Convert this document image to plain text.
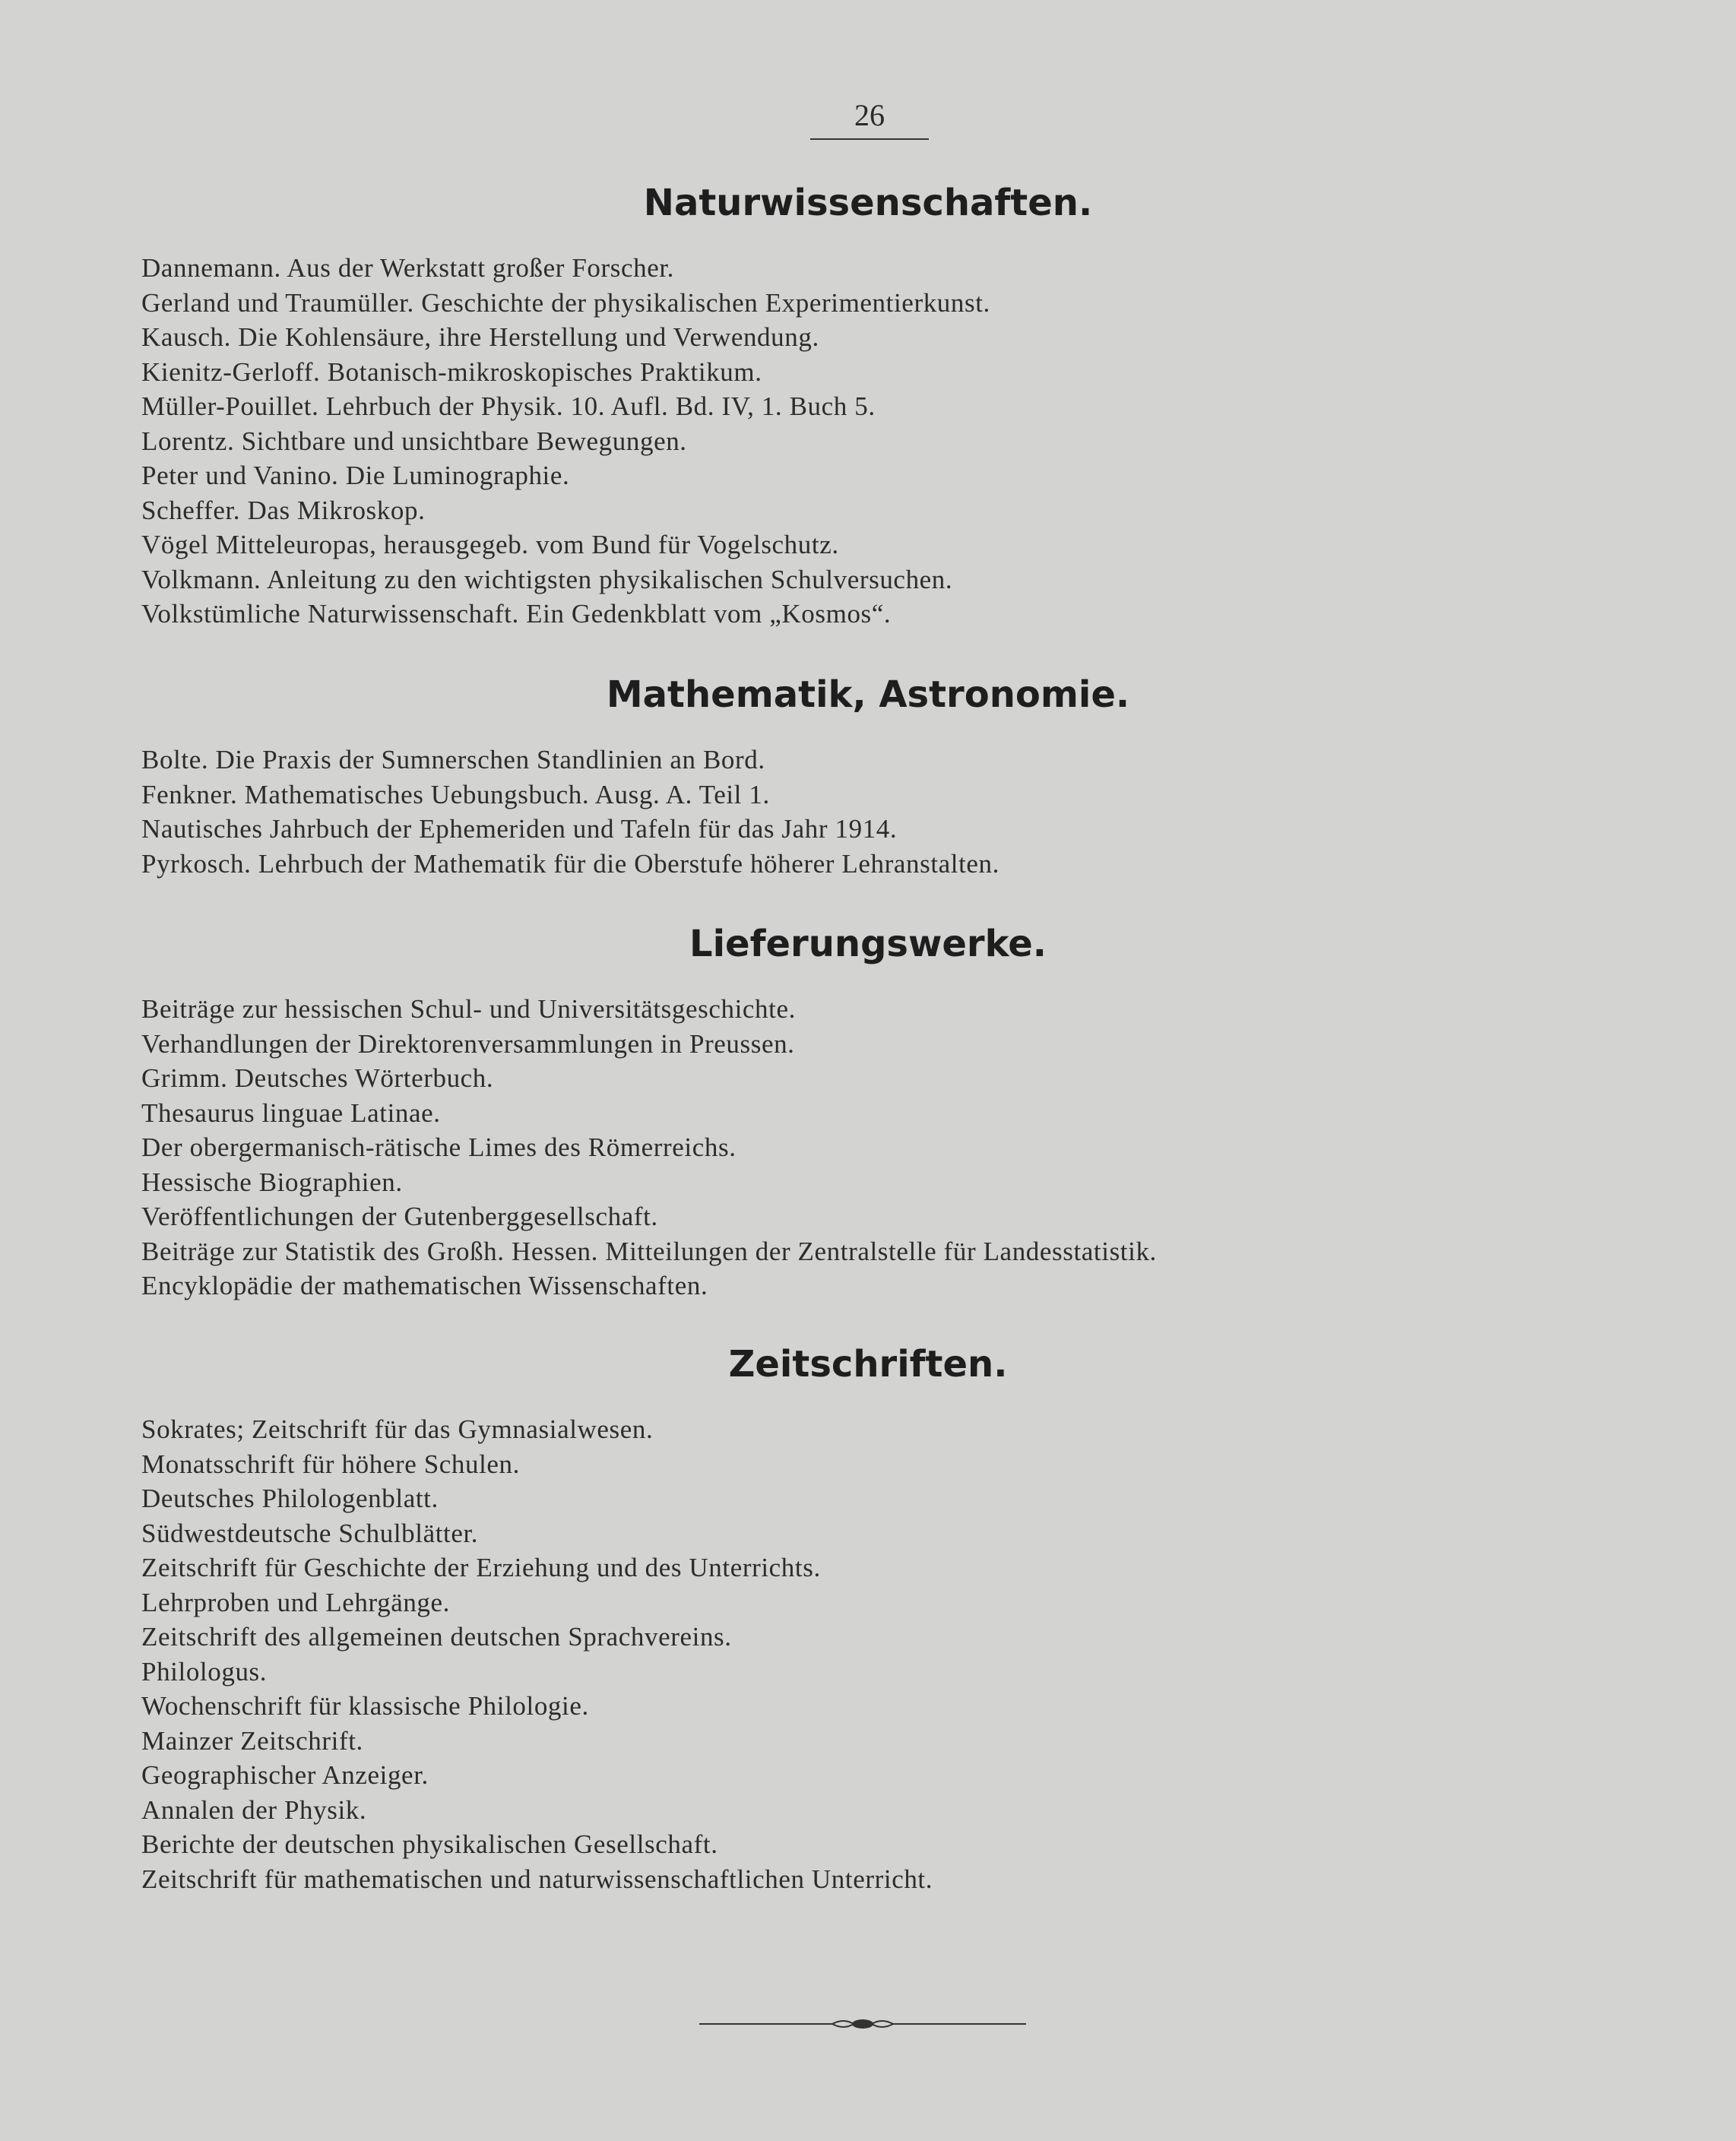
26
Naturwissenschaften.
Dannemann. Aus der Werkstatt großer Forscher.
Gerland und Traumüller. Geschichte der physikalischen Experimentierkunst.
Kausch. Die Kohlensäure, ihre Herstellung und Verwendung.
Kienitz-Gerloff. Botanisch-mikroskopisches Praktikum.
Müller-Pouillet. Lehrbuch der Physik. 10. Aufl. Bd. IV, 1. Buch 5.
Lorentz. Sichtbare und unsichtbare Bewegungen.
Peter und Vanino. Die Luminographie.
Scheffer. Das Mikroskop.
Vögel Mitteleuropas, herausgegeb. vom Bund für Vogelschutz.
Volkmann. Anleitung zu den wichtigsten physikalischen Schulversuchen.
Volkstümliche Naturwissenschaft. Ein Gedenkblatt vom „Kosmos“.
Mathematik, Astronomie.
Bolte. Die Praxis der Sumnerschen Standlinien an Bord.
Fenkner. Mathematisches Uebungsbuch. Ausg. A. Teil 1.
Nautisches Jahrbuch der Ephemeriden und Tafeln für das Jahr 1914.
Pyrkosch. Lehrbuch der Mathematik für die Oberstufe höherer Lehranstalten.
Lieferungswerke.
Beiträge zur hessischen Schul- und Universitätsgeschichte.
Verhandlungen der Direktorenversammlungen in Preussen.
Grimm. Deutsches Wörterbuch.
Thesaurus linguae Latinae.
Der obergermanisch-rätische Limes des Römerreichs.
Hessische Biographien.
Veröffentlichungen der Gutenberggesellschaft.
Beiträge zur Statistik des Großh. Hessen. Mitteilungen der Zentralstelle für Landesstatistik.
Encyklopädie der mathematischen Wissenschaften.
Zeitschriften.
Sokrates; Zeitschrift für das Gymnasialwesen.
Monatsschrift für höhere Schulen.
Deutsches Philologenblatt.
Südwestdeutsche Schulblätter.
Zeitschrift für Geschichte der Erziehung und des Unterrichts.
Lehrproben und Lehrgänge.
Zeitschrift des allgemeinen deutschen Sprachvereins.
Philologus.
Wochenschrift für klassische Philologie.
Mainzer Zeitschrift.
Geographischer Anzeiger.
Annalen der Physik.
Berichte der deutschen physikalischen Gesellschaft.
Zeitschrift für mathematischen und naturwissenschaftlichen Unterricht.
